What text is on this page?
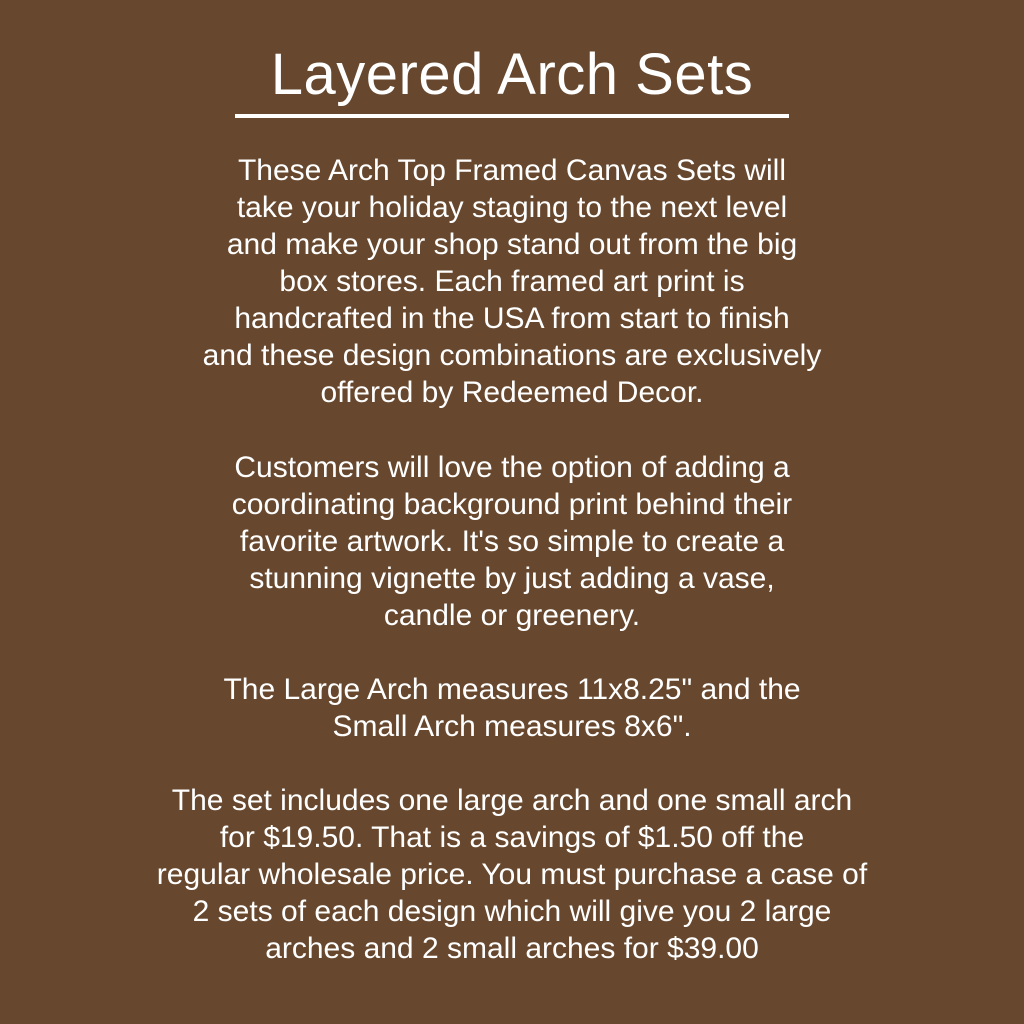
Layered Arch Sets

These Arch Top Framed Canvas Sets will
take your holiday staging to the next level
and make your shop stand out from the big
box stores. Each framed art print is
handcrafted in the USA from start to finish
and these design combinations are exclusively
offered by Redeemed Decor.

Customers will love the option of adding a
coordinating background print behind their
favorite artwork. It's so simple to create a
stunning vignette by just adding a vase,
candle or greenery.

The Large Arch measures 11x8.25" and the
Small Arch measures 8x6".

The set includes one large arch and one small arch
for $19.50. That is a savings of $1.50 off the
regular wholesale price. You must purchase a case of
2 sets of each design which will give you 2 large
arches and 2 small arches for $39.00
